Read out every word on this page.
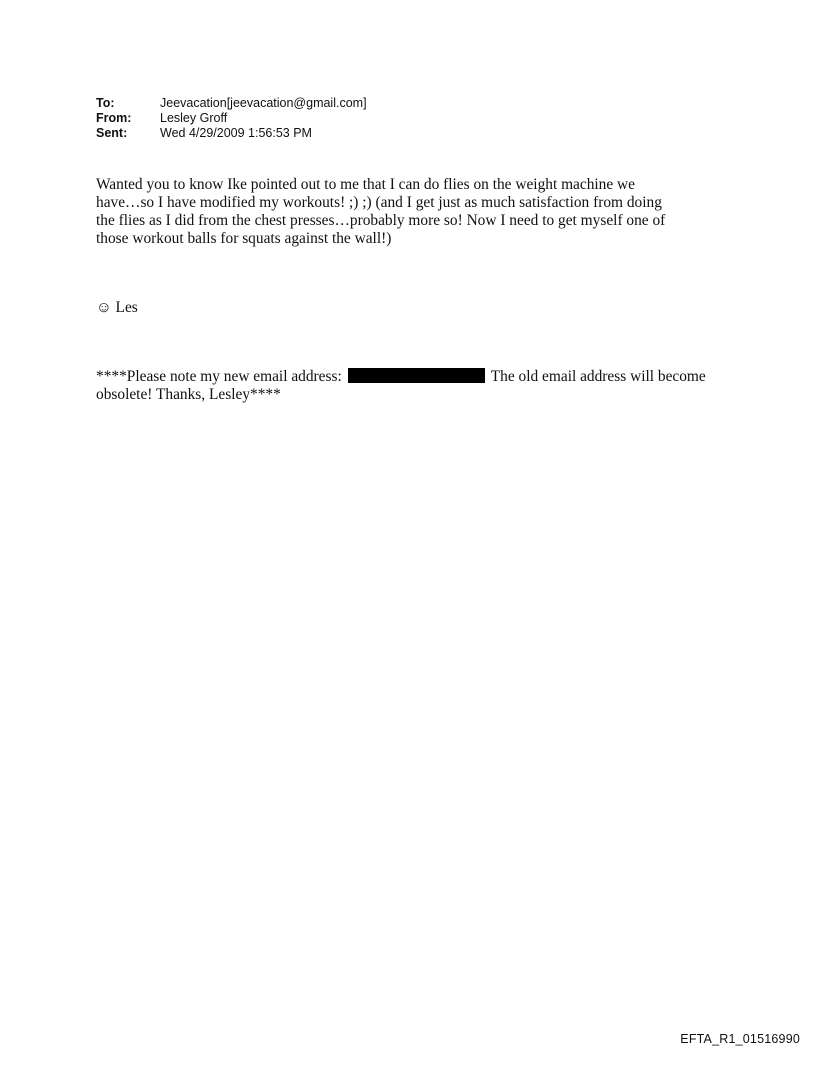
To:	Jeevacation[jeevacation@gmail.com]
From:	Lesley Groff
Sent:	Wed 4/29/2009 1:56:53 PM
Wanted you to know Ike pointed out to me that I can do flies on the weight machine we
have…so I have modified my workouts! ;) ;) (and I get just as much satisfaction from doing
the flies as I did from the chest presses…probably more so! Now I need to get myself one of
those workout balls for squats against the wall!)
☺ Les
****Please note my new email address:	The old email address will become
obsolete! Thanks, Lesley****
EFTA_R1_01516990
